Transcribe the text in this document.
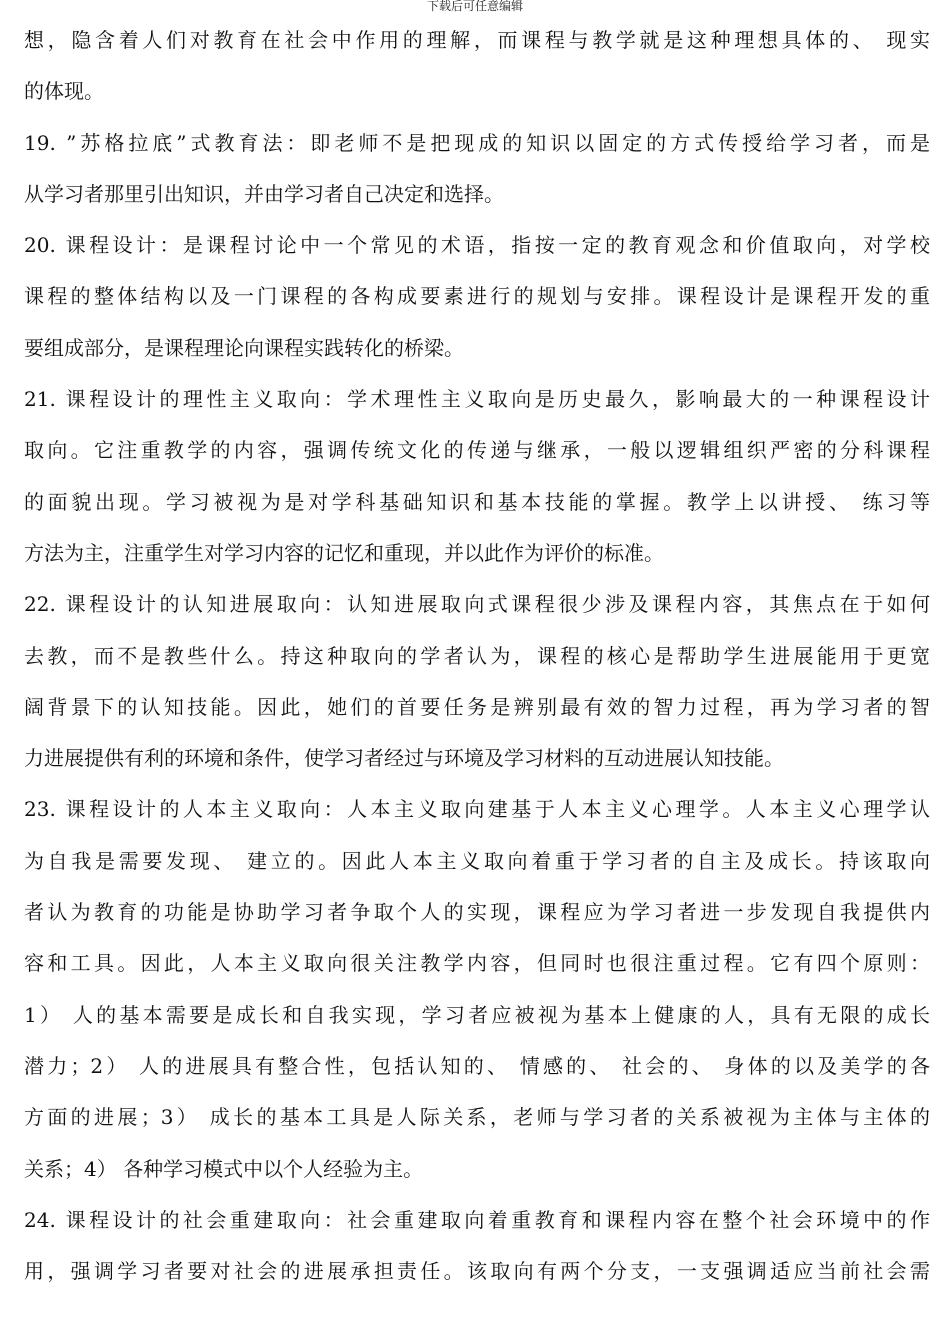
下载后可任意编辑
想，隐含着人们对教育在社会中作用的理解，而课程与教学就是这种理想具体的、 现实
的体现。
19. ”苏格拉底”式教育法：即老师不是把现成的知识以固定的方式传授给学习者，而是
从学习者那里引出知识，并由学习者自己决定和选择。
20. 课程设计：是课程讨论中一个常见的术语，指按一定的教育观念和价值取向，对学校
课程的整体结构以及一门课程的各构成要素进行的规划与安排。课程设计是课程开发的重
要组成部分，是课程理论向课程实践转化的桥梁。
21. 课程设计的理性主义取向：学术理性主义取向是历史最久，影响最大的一种课程设计
取向。它注重教学的内容，强调传统文化的传递与继承，一般以逻辑组织严密的分科课程
的面貌出现。学习被视为是对学科基础知识和基本技能的掌握。教学上以讲授、 练习等
方法为主，注重学生对学习内容的记忆和重现，并以此作为评价的标准。
22. 课程设计的认知进展取向：认知进展取向式课程很少涉及课程内容，其焦点在于如何
去教，而不是教些什么。持这种取向的学者认为，课程的核心是帮助学生进展能用于更宽
阔背景下的认知技能。因此，她们的首要任务是辨别最有效的智力过程，再为学习者的智
力进展提供有利的环境和条件，使学习者经过与环境及学习材料的互动进展认知技能。
23. 课程设计的人本主义取向：人本主义取向建基于人本主义心理学。人本主义心理学认
为自我是需要发现、 建立的。因此人本主义取向着重于学习者的自主及成长。持该取向
者认为教育的功能是协助学习者争取个人的实现，课程应为学习者进一步发现自我提供内
容和工具。因此，人本主义取向很关注教学内容，但同时也很注重过程。它有四个原则：
1） 人的基本需要是成长和自我实现，学习者应被视为基本上健康的人，具有无限的成长
潜力；2） 人的进展具有整合性，包括认知的、 情感的、 社会的、 身体的以及美学的各
方面的进展；3） 成长的基本工具是人际关系，老师与学习者的关系被视为主体与主体的
关系；4） 各种学习模式中以个人经验为主。
24. 课程设计的社会重建取向：社会重建取向着重教育和课程内容在整个社会环境中的作
用，强调学习者要对社会的进展承担责任。该取向有两个分支，一支强调适应当前社会需
